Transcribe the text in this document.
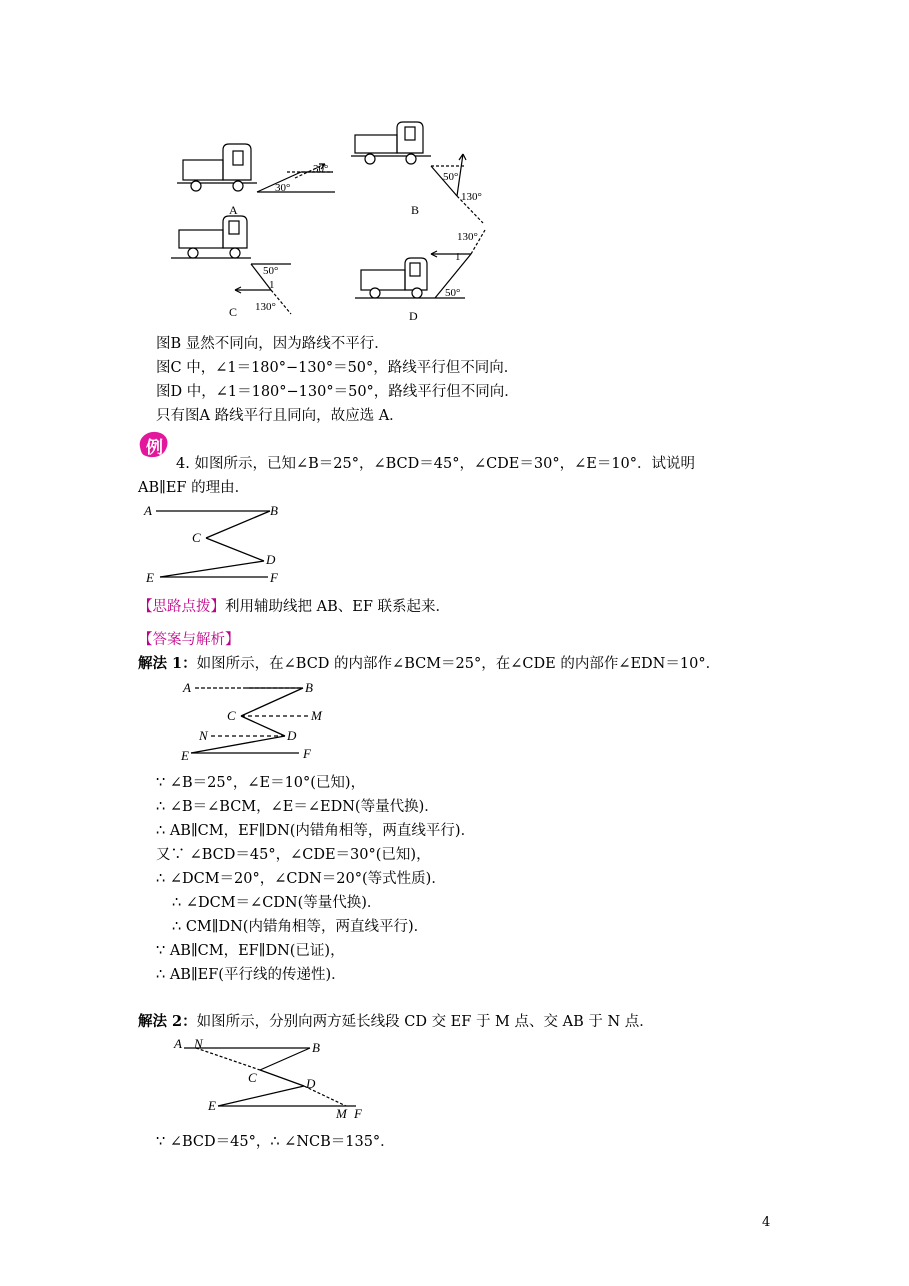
30°
30°
A
50°
130°
B
50°
1
130°
C
130°
1
50°
D
图B 显然不同向，因为路线不平行．
图C 中，∠1＝180°−130°＝50°，路线平行但不同向．
图D 中，∠1＝180°−130°＝50°，路线平行但不同向．
只有图A 路线平行且同向，故应选 A．
例
4. 如图所示，已知∠B＝25°，∠BCD＝45°，∠CDE＝30°，∠E＝10°．试说明
AB∥EF 的理由．
A	B
C
D
E	F
【思路点拨】利用辅助线把 AB、EF 联系起来．
【答案与解析】
解法 1：如图所示，在∠BCD 的内部作∠BCM＝25°，在∠CDE 的内部作∠EDN＝10°．
A	B
C	M
N	D
E	F
∵ ∠B＝25°，∠E＝10°(已知)，
∴ ∠B＝∠BCM，∠E＝∠EDN(等量代换)．
∴ AB∥CM，EF∥DN(内错角相等，两直线平行)．
又∵ ∠BCD＝45°，∠CDE＝30°(已知)，
∴ ∠DCM＝20°，∠CDN＝20°(等式性质)．
∴ ∠DCM＝∠CDN(等量代换)．
∴ CM∥DN(内错角相等，两直线平行)．
∵ AB∥CM，EF∥DN(已证)，
∴ AB∥EF(平行线的传递性)．
解法 2：如图所示，分别向两方延长线段 CD 交 EF 于 M 点、交 AB 于 N 点．
A N	B
C	D
E
M F
∵ ∠BCD＝45°，∴ ∠NCB＝135°．
4
